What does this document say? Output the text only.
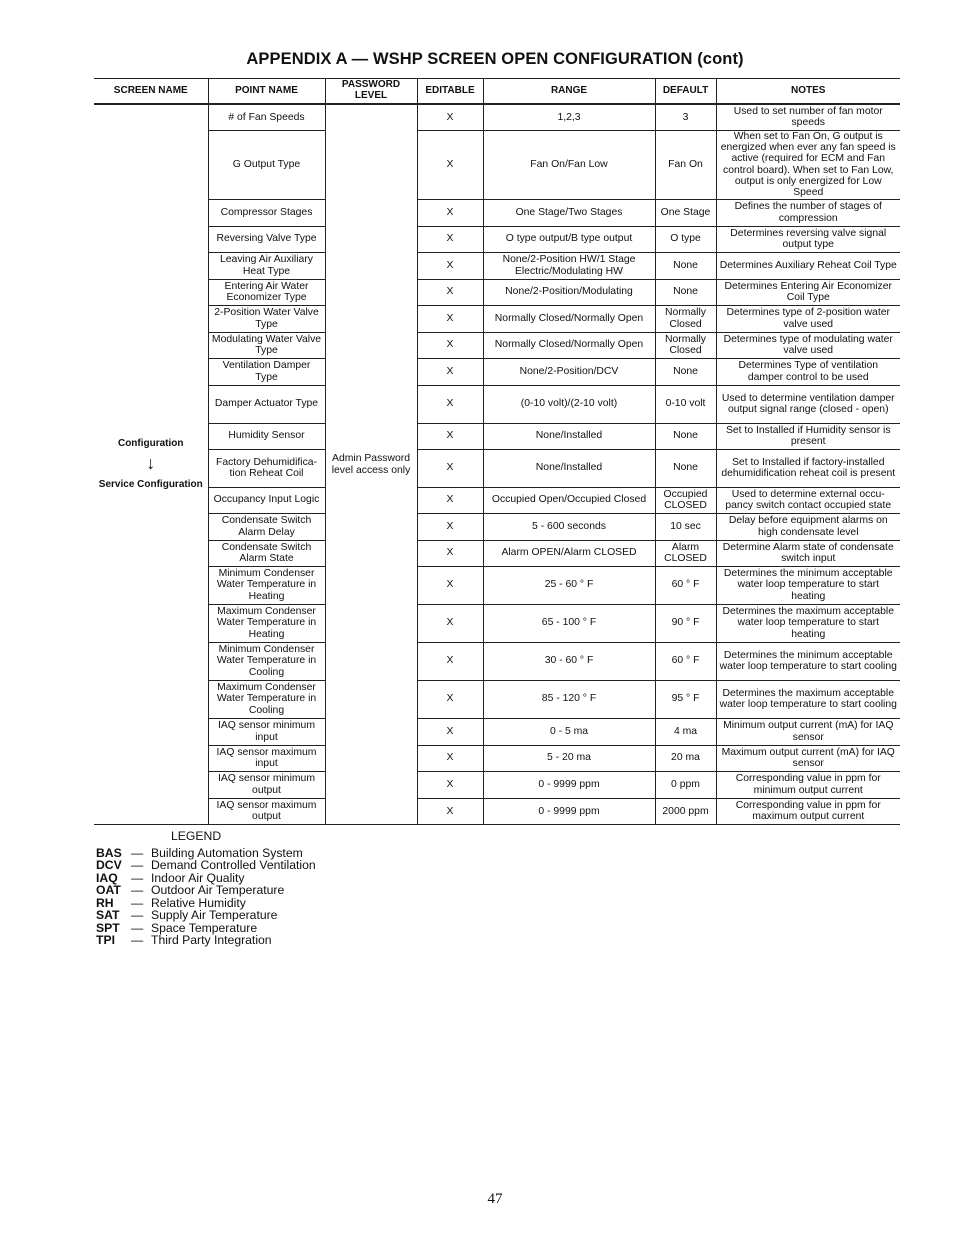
APPENDIX A — WSHP SCREEN OPEN CONFIGURATION (cont)
SCREEN NAME	POINT NAME	PASSWORD LEVEL	EDITABLE	RANGE	DEFAULT	NOTES
Configuration
↓
Service Configuration	# of Fan Speeds	Admin Password level access only	X	1,2,3	3	Used to set number of fan motor speeds
	G Output Type		X	Fan On/Fan Low	Fan On	When set to Fan On, G output is energized when ever any fan speed is active (required for ECM and Fan control board). When set to Fan Low, output is only energized for Low Speed
	Compressor Stages		X	One Stage/Two Stages	One Stage	Defines the number of stages of compression
	Reversing Valve Type		X	O type output/B type output	O type	Determines reversing valve signal output type
	Leaving Air Auxiliary Heat Type		X	None/2-Position HW/1 Stage Electric/Modulating HW	None	Determines Auxiliary Reheat Coil Type
	Entering Air Water Economizer Type		X	None/2-Position/Modulating	None	Determines Entering Air Economizer Coil Type
	2-Position Water Valve Type		X	Normally Closed/Normally Open	Normally Closed	Determines type of 2-position water valve used
	Modulating Water Valve Type		X	Normally Closed/Normally Open	Normally Closed	Determines type of modulating water valve used
	Ventilation Damper Type		X	None/2-Position/DCV	None	Determines Type of ventilation damper control to be used
	Damper Actuator Type		X	(0-10 volt)/(2-10 volt)	0-10 volt	Used to determine ventilation damper output signal range (closed - open)
	Humidity Sensor		X	None/Installed	None	Set to Installed if Humidity sensor is present
	Factory Dehumidifica-tion Reheat Coil		X	None/Installed	None	Set to Installed if factory-installed dehumidification reheat coil is present
	Occupancy Input Logic		X	Occupied Open/Occupied Closed	Occupied CLOSED	Used to determine external occu-pancy switch contact occupied state
	Condensate Switch Alarm Delay		X	5 - 600 seconds	10 sec	Delay before equipment alarms on high condensate level
	Condensate Switch Alarm State		X	Alarm OPEN/Alarm CLOSED	Alarm CLOSED	Determine Alarm state of condensate switch input
	Minimum Condenser Water Temperature in Heating		X	25 - 60 ° F	60 ° F	Determines the minimum acceptable water loop temperature to start heating
	Maximum Condenser Water Temperature in Heating		X	65 - 100 ° F	90 ° F	Determines the maximum acceptable water loop temperature to start heating
	Minimum Condenser Water Temperature in Cooling		X	30 - 60 ° F	60 ° F	Determines the minimum acceptable water loop temperature to start cooling
	Maximum Condenser Water Temperature in Cooling		X	85 - 120 ° F	95 ° F	Determines the maximum acceptable water loop temperature to start cooling
	IAQ sensor minimum input		X	0 - 5 ma	4 ma	Minimum output current (mA) for IAQ sensor
	IAQ sensor maximum input		X	5 - 20 ma	20 ma	Maximum output current (mA) for IAQ sensor
	IAQ sensor minimum output		X	0 - 9999 ppm	0 ppm	Corresponding value in ppm for minimum output current
	IAQ sensor maximum output		X	0 - 9999 ppm	2000 ppm	Corresponding value in ppm for maximum output current
LEGEND
BAS — Building Automation System
DCV — Demand Controlled Ventilation
IAQ	— Indoor Air Quality
OAT — Outdoor Air Temperature
RH	— Relative Humidity
SAT — Supply Air Temperature
SPT — Space Temperature
TPI	— Third Party Integration
47
